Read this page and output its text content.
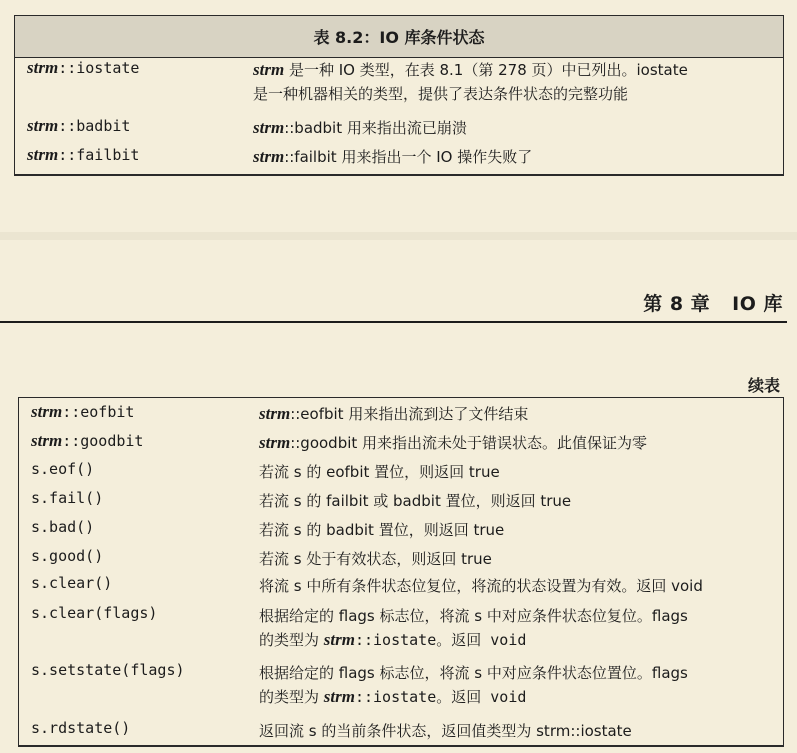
表 8.2：IO 库条件状态
strm::iostate	strm 是一种 IO 类型，在表 8.1（第 278 页）中已列出。iostate
是一种机器相关的类型，提供了表达条件状态的完整功能
strm::badbit	strm::badbit 用来指出流已崩溃
strm::failbit	strm::failbit 用来指出一个 IO 操作失败了
第 8 章 IO 库
续表
strm::eofbit	strm::eofbit 用来指出流到达了文件结束
strm::goodbit	strm::goodbit 用来指出流未处于错误状态。此值保证为零
s.eof()	若流 s 的 eofbit 置位，则返回 true
s.fail()	若流 s 的 failbit 或 badbit 置位，则返回 true
s.bad()	若流 s 的 badbit 置位，则返回 true
s.good()	若流 s 处于有效状态，则返回 true
s.clear()	将流 s 中所有条件状态位复位，将流的状态设置为有效。返回 void
s.clear(flags)	根据给定的 flags 标志位，将流 s 中对应条件状态位复位。flags
的类型为 strm::iostate。返回 void
s.setstate(flags)	根据给定的 flags 标志位，将流 s 中对应条件状态位置位。flags
的类型为 strm::iostate。返回 void
s.rdstate()	返回流 s 的当前条件状态，返回值类型为 strm::iostate
